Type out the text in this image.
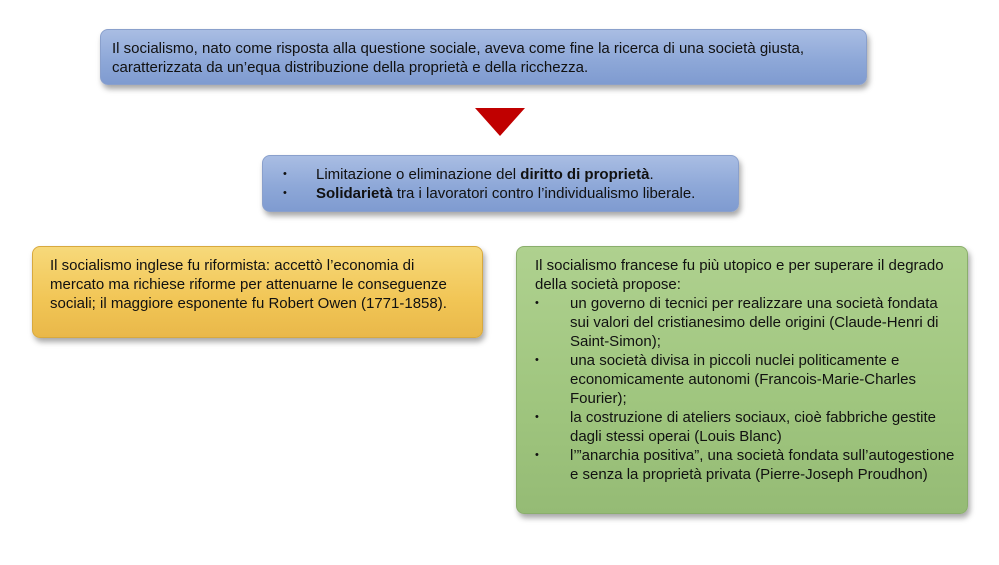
Il socialismo, nato come risposta alla questione sociale, aveva come fine la ricerca di una società giusta,
caratterizzata da un’equa distribuzione della proprietà e della ricchezza.
• Limitazione o eliminazione del diritto di proprietà.
• Solidarietà tra i lavoratori contro l’individualismo liberale.
Il socialismo inglese fu riformista: accettò l’economia di mercato ma richiese riforme per attenuarne le conseguenze sociali; il maggiore esponente fu Robert Owen (1771-1858).
Il socialismo francese fu più utopico e per superare il degrado della società propose:
• un governo di tecnici per realizzare una società fondata sui valori del cristianesimo delle origini (Claude-Henri di Saint-Simon);
• una società divisa in piccoli nuclei politicamente e economicamente autonomi (Francois-Marie-Charles Fourier);
• la costruzione di ateliers sociaux, cioè fabbriche gestite dagli stessi operai (Louis Blanc)
• l’”anarchia positiva”, una società fondata sull’autogestione e senza la proprietà privata (Pierre-Joseph Proudhon)
